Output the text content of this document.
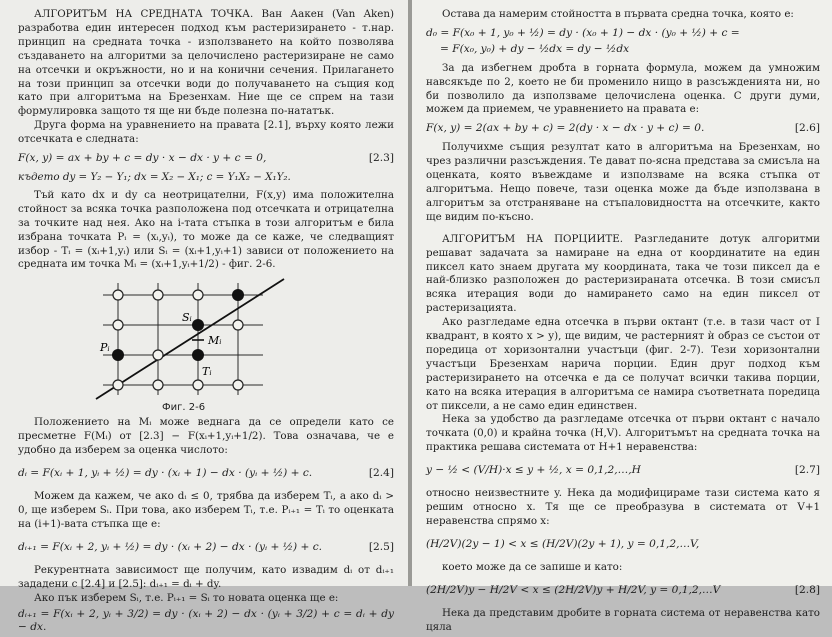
АЛГОРИТЪМ НА СРЕДНАТА ТОЧКА. Ван Аакен (Van Aken) разработва един интересен подход към растеризирането - т.нар. принцип на средната точка - използването на който позволява създаването на алгоритми за целочислено растеризиране не само на отсечки и окръжности, но и на конични сечения. Прилагането на този принцип за отсечки води до получаването на същия код като при алгоритъма на Брезенхам. Ние ще се спрем на тази формулировка защото тя ще ни бъде полезна по-нататък.

Друга форма на уравнението на правата [2.1], върху която лежи отсечката е следната:

F(x, y) = ax + by + c = dy · x − dx · y + c = 0,	[2.3]

където dy = Y₂ − Y₁; dx = X₂ − X₁; c = Y₁X₂ − X₁Y₂.

Тъй като dx и dy са неотрицателни, F(x,y) има положителна стойност за всяка точка разположена под отсечката и отрицателна за точките над нея. Ако на i-тата стъпка в този алгоритъм е била избрана точката Pᵢ = (xᵢ,yᵢ), то може да се каже, че следващият избор - Tᵢ = (xᵢ+1,yᵢ) или Sᵢ = (xᵢ+1,yᵢ+1) зависи от положението на средната им точка Mᵢ = (xᵢ+1,yᵢ+1/2) - фиг. 2-6.

Sᵢ
Mᵢ
Pᵢ
Tᵢ
Фиг. 2-6

Положението на Mᵢ може веднага да се определи като се пресметне F(Mᵢ) от [2.3] − F(xᵢ+1,yᵢ+1/2). Това означава, че е удобно да изберем за оценка числото:

dᵢ = F(xᵢ + 1, yᵢ + ½) = dy · (xᵢ + 1) − dx · (yᵢ + ½) + c.	[2.4]

Можем да кажем, че ако dᵢ ≤ 0, трябва да изберем Tᵢ, а ако dᵢ > 0, ще изберем Sᵢ. При това, ако изберем Tᵢ, т.е. Pᵢ₊₁ = Tᵢ то оценката на (i+1)-вата стъпка ще е:

dᵢ₊₁ = F(xᵢ + 2, yᵢ + ½) = dy · (xᵢ + 2) − dx · (yᵢ + ½) + c.	[2.5]

Рекурентната зависимост ще получим, като извадим dᵢ от dᵢ₊₁ зададени с [2.4] и [2.5]: dᵢ₊₁ = dᵢ + dy.

Ако пък изберем Sᵢ, т.е. Pᵢ₊₁ = Sᵢ то новата оценка ще е:

dᵢ₊₁ = F(xᵢ + 2, yᵢ + 3/2) = dy · (xᵢ + 2) − dx · (yᵢ + 3/2) + c = dᵢ + dy − dx.

Остава да намерим стойността в първата средна точка, която е:

d₀ = F(x₀ + 1, y₀ + ½) = dy · (x₀ + 1) − dx · (y₀ + ½) + c =
= F(x₀, y₀) + dy − ½dx = dy − ½dx

За да избегнем дробта в горната формула, можем да умножим навсякъде по 2, което не би променило нищо в разсъжденията ни, но би позволило да използваме целочислена оценка. С други думи, можем да приемем, че уравнението на правата е:

F(x, y) = 2(ax + by + c) = 2(dy · x − dx · y + c) = 0.	[2.6]

Получихме същия резултат като в алгоритъма на Брезенхам, но чрез различни разсъждения. Те дават по-ясна представа за смисъла на оценката, която въвеждаме и използваме на всяка стъпка от алгоритъма. Нещо повече, тази оценка може да бъде използвана в алгоритъм за отстраняване на стъпаловидността на отсечките, както ще видим по-късно.

АЛГОРИТЪМ НА ПОРЦИИТЕ. Разгледаните дотук алгоритми решават задачата за намиране на една от координатите на един пиксел като знаем другата му координата, така че този пиксел да е най-близко разположен до растеризираната отсечка. В този смисъл всяка итерация води до намирането само на един пиксел от растеризацията.

Ако разгледаме една отсечка в първи октант (т.е. в тази част от I квадрант, в която x > y), ще видим, че растерният ѝ образ се състои от поредица от хоризонтални участъци (фиг. 2-7). Тези хоризонтални участъци Брезенхам нарича порции. Един друг подход към растеризирането на отсечка е да се получат всички такива порции, като на всяка итерация в алгоритъма се намира съответната поредица от пиксели, а не само един единствен.

Нека за удобство да разгледаме отсечка от първи октант с начало точката (0,0) и крайна точка (H,V). Алгоритъмът на средната точка на практика решава системата от H+1 неравенства:

y − ½ < (V/H)·x ≤ y + ½, x = 0,1,2,…,H	[2.7]

относно неизвестните y. Нека да модифицираме тази система като я решим относно x. Тя ще се преобразува в системата от V+1 неравенства спрямо x:

(H/2V)(2y − 1) < x ≤ (H/2V)(2y + 1), y = 0,1,2,…V,

което може да се запише и като:

(2H/2V)y − H/2V < x ≤ (2H/2V)y + H/2V, y = 0,1,2,…V	[2.8]

Нека да представим дробите в горната система от неравенства като цяла
